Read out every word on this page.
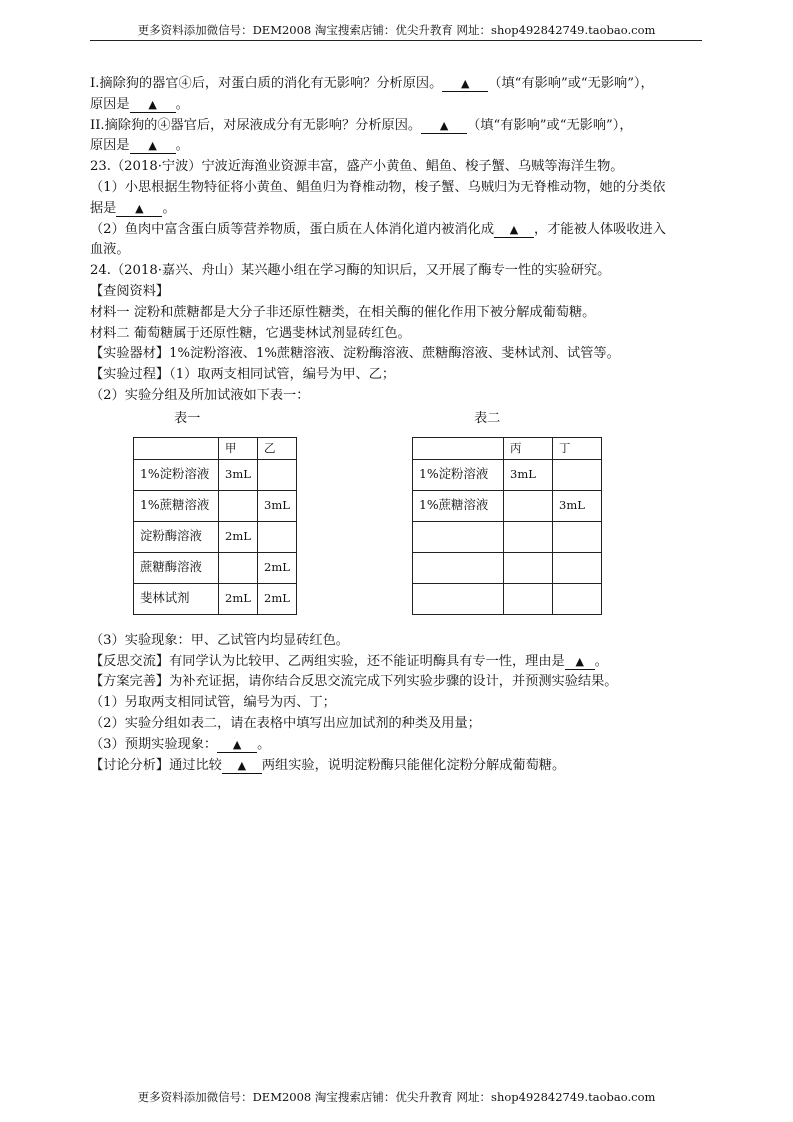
更多资料添加微信号：DEM2008 淘宝搜索店铺：优尖升教育 网址：shop492842749.taobao.com
I.摘除狗的器官④后，对蛋白质的消化有无影响？分析原因。 ▲ （填“有影响”或“无影响”），
原因是 ▲ 。
II.摘除狗的④器官后，对尿液成分有无影响？分析原因。 ▲ （填“有影响”或“无影响”），
原因是 ▲ 。
23.（2018·宁波）宁波近海渔业资源丰富，盛产小黄鱼、鲳鱼、梭子蟹、乌贼等海洋生物。
（1）小思根据生物特征将小黄鱼、鲳鱼归为脊椎动物，梭子蟹、乌贼归为无脊椎动物，她的分类依
据是 ▲ 。
（2）鱼肉中富含蛋白质等营养物质，蛋白质在人体消化道内被消化成 ▲ ，才能被人体吸收进入
血液。
24.（2018·嘉兴、舟山）某兴趣小组在学习酶的知识后，又开展了酶专一性的实验研究。
【查阅资料】
材料一 淀粉和蔗糖都是大分子非还原性糖类，在相关酶的催化作用下被分解成葡萄糖。
材料二 葡萄糖属于还原性糖，它遇斐林试剂显砖红色。
【实验器材】1%淀粉溶液、1%蔗糖溶液、淀粉酶溶液、蔗糖酶溶液、斐林试剂、试管等。
【实验过程】（1）取两支相同试管，编号为甲、乙；
（2）实验分组及所加试液如下表一：
表一	表二
	甲	乙
1%淀粉溶液	3mL	
1%蔗糖溶液		3mL
淀粉酶溶液	2mL	
蔗糖酶溶液		2mL
斐林试剂	2mL	2mL
	丙	丁
1%淀粉溶液	3mL	
1%蔗糖溶液		3mL

（3）实验现象：甲、乙试管内均显砖红色。
【反思交流】有同学认为比较甲、乙两组实验，还不能证明酶具有专一性，理由是 ▲ 。
【方案完善】为补充证据，请你结合反思交流完成下列实验步骤的设计，并预测实验结果。
（1）另取两支相同试管，编号为丙、丁；
（2）实验分组如表二，请在表格中填写出应加试剂的种类及用量；
（3）预期实验现象： ▲ 。
【讨论分析】通过比较 ▲ 两组实验，说明淀粉酶只能催化淀粉分解成葡萄糖。
更多资料添加微信号：DEM2008 淘宝搜索店铺：优尖升教育 网址：shop492842749.taobao.com
